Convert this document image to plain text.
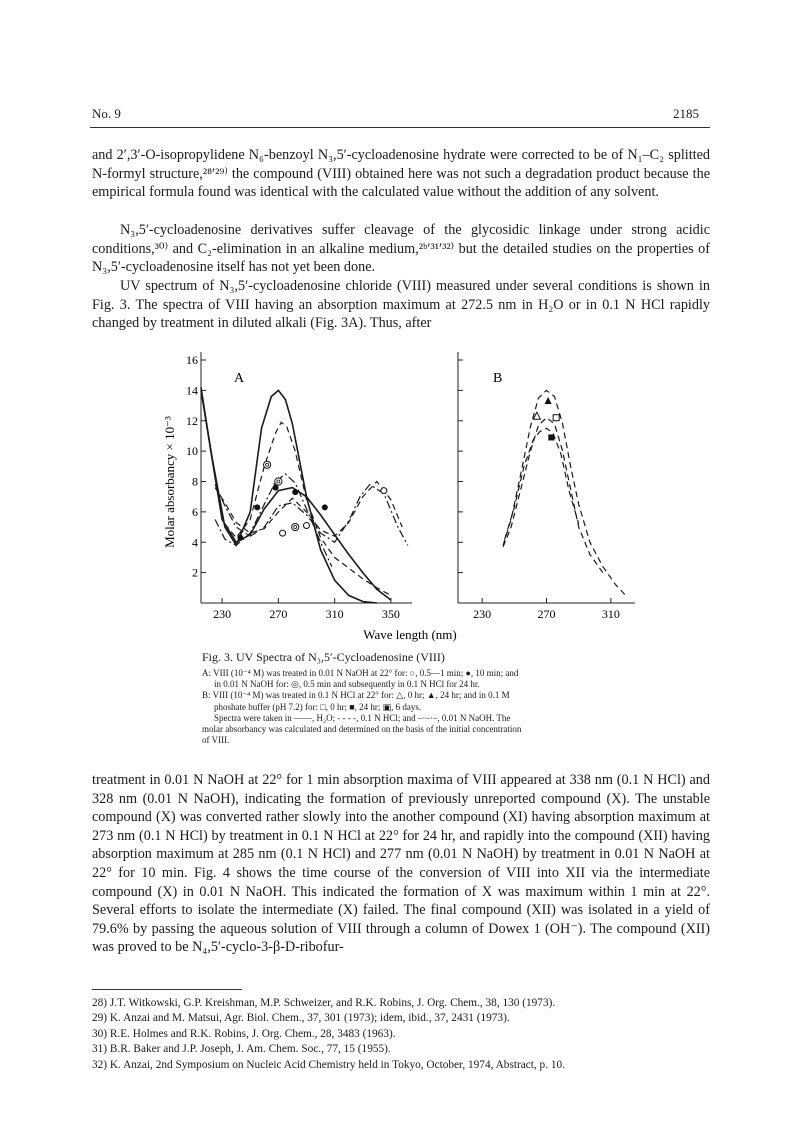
No. 9	2185

and 2′,3′-O-isopropylidene N₆-benzoyl N₃,5′-cycloadenosine hydrate were corrected to be of N₁–C₂ splitted N-formyl structure,²⁸ʹ²⁹⁾ the compound (VIII) obtained here was not such a degradation product because the empirical formula found was identical with the calculated value without the addition of any solvent.

N₃,5′-cycloadenosine derivatives suffer cleavage of the glycosidic linkage under strong acidic conditions,³⁰⁾ and C₂-elimination in an alkaline medium,²ᵇʹ³¹ʹ³²⁾ but the detailed studies on the properties of N₃,5′-cycloadenosine itself has not yet been done.

UV spectrum of N₃,5′-cycloadenosine chloride (VIII) measured under several conditions is shown in Fig. 3. The spectra of VIII having an absorption maximum at 272.5 nm in H₂O or in 0.1 N HCl rapidly changed by treatment in diluted alkali (Fig. 3A). Thus, after

2
4
6
8
10
12
14
16
230	270	310	350
A
230	270	310
B
Wave length (nm)
Molar absorbancy × 10⁻³
Fig. 3. UV Spectra of N₃,5′-Cycloadenosine (VIII)

A: VIII (10⁻⁴ M) was treated in 0.01 N NaOH at 22° for: ○, 0.5—1 min; ●, 10 min; and

in 0.01 N NaOH for: ◎, 0.5 min and subsequently in 0.1 N HCl for 24 hr.

B: VIII (10⁻⁴ M) was treated in 0.1 N HCl at 22° for: △, 0 hr; ▲, 24 hr; and in 0.1 M

phoshate buffer (pH 7.2) for: □, 0 hr; ■, 24 hr; ▣, 6 days.

Spectra were taken in ——, H₂O; - - - -, 0.1 N HCl; and –·–·–, 0.01 N NaOH. The

molar absorbancy was calculated and determined on the basis of the initial concentration

of VIII.

treatment in 0.01 N NaOH at 22° for 1 min absorption maxima of VIII appeared at 338 nm (0.1 N HCl) and 328 nm (0.01 N NaOH), indicating the formation of previously unreported compound (X). The unstable compound (X) was converted rather slowly into the another compound (XI) having absorption maximum at 273 nm (0.1 N HCl) by treatment in 0.1 N HCl at 22° for 24 hr, and rapidly into the compound (XII) having absorption maximum at 285 nm (0.1 N HCl) and 277 nm (0.01 N NaOH) by treatment in 0.01 N NaOH at 22° for 10 min. Fig. 4 shows the time course of the conversion of VIII into XII via the intermediate compound (X) in 0.01 N NaOH. This indicated the formation of X was maximum within 1 min at 22°. Several efforts to isolate the intermediate (X) failed. The final compound (XII) was isolated in a yield of 79.6% by passing the aqueous solution of VIII through a column of Dowex 1 (OH⁻). The compound (XII) was proved to be N₄,5′-cyclo-3-β-D-ribofur-

28) J.T. Witkowski, G.P. Kreishman, M.P. Schweizer, and R.K. Robins, J. Org. Chem., 38, 130 (1973).
29) K. Anzai and M. Matsui, Agr. Biol. Chem., 37, 301 (1973); idem, ibid., 37, 2431 (1973).
30) R.E. Holmes and R.K. Robins, J. Org. Chem., 28, 3483 (1963).
31) B.R. Baker and J.P. Joseph, J. Am. Chem. Soc., 77, 15 (1955).
32) K. Anzai, 2nd Symposium on Nucleic Acid Chemistry held in Tokyo, October, 1974, Abstract, p. 10.
